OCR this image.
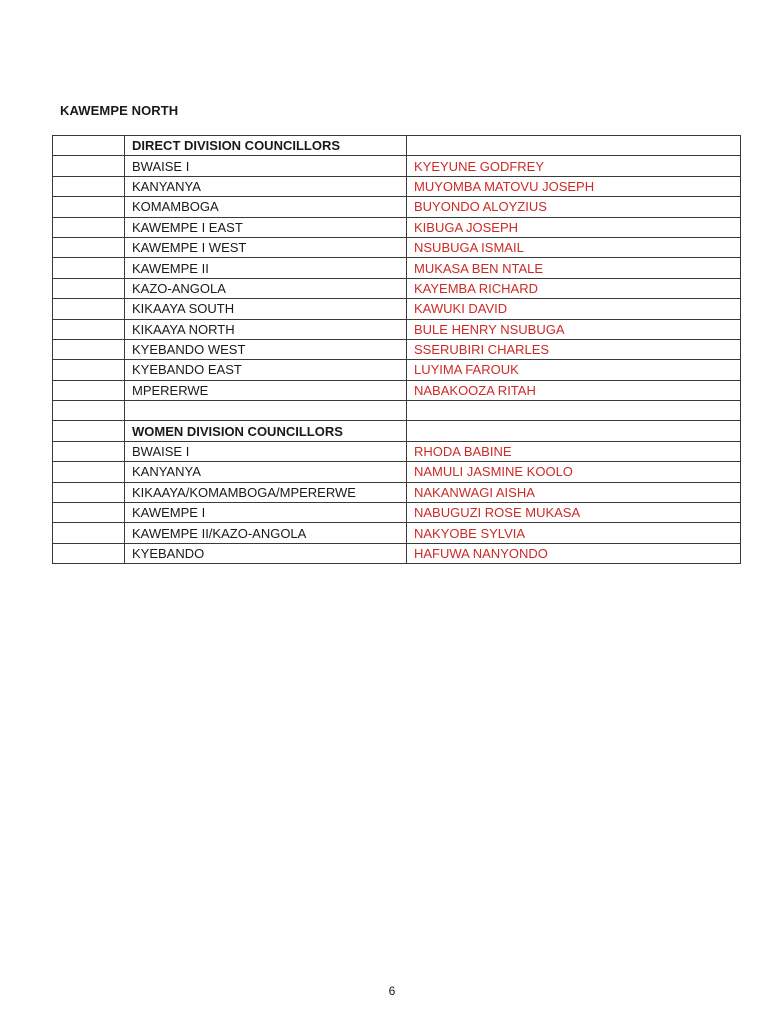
KAWEMPE NORTH
	DIRECT DIVISION COUNCILLORS	
	BWAISE I	KYEYUNE GODFREY
	KANYANYA	MUYOMBA MATOVU JOSEPH
	KOMAMBOGA	BUYONDO ALOYZIUS
	KAWEMPE I EAST	KIBUGA JOSEPH
	KAWEMPE I WEST	NSUBUGA ISMAIL
	KAWEMPE II	MUKASA BEN NTALE
	KAZO-ANGOLA	KAYEMBA RICHARD
	KIKAAYA SOUTH	KAWUKI DAVID
	KIKAAYA NORTH	BULE HENRY NSUBUGA
	KYEBANDO WEST	SSERUBIRI CHARLES
	KYEBANDO EAST	LUYIMA FAROUK
	MPERERWE	NABAKOOZA RITAH

	WOMEN DIVISION COUNCILLORS	
	BWAISE I	RHODA BABINE
	KANYANYA	NAMULI JASMINE KOOLO
	KIKAAYA/KOMAMBOGA/MPERERWE	NAKANWAGI AISHA
	KAWEMPE I	NABUGUZI ROSE MUKASA
	KAWEMPE II/KAZO-ANGOLA	NAKYOBE SYLVIA
	KYEBANDO	HAFUWA NANYONDO
6
